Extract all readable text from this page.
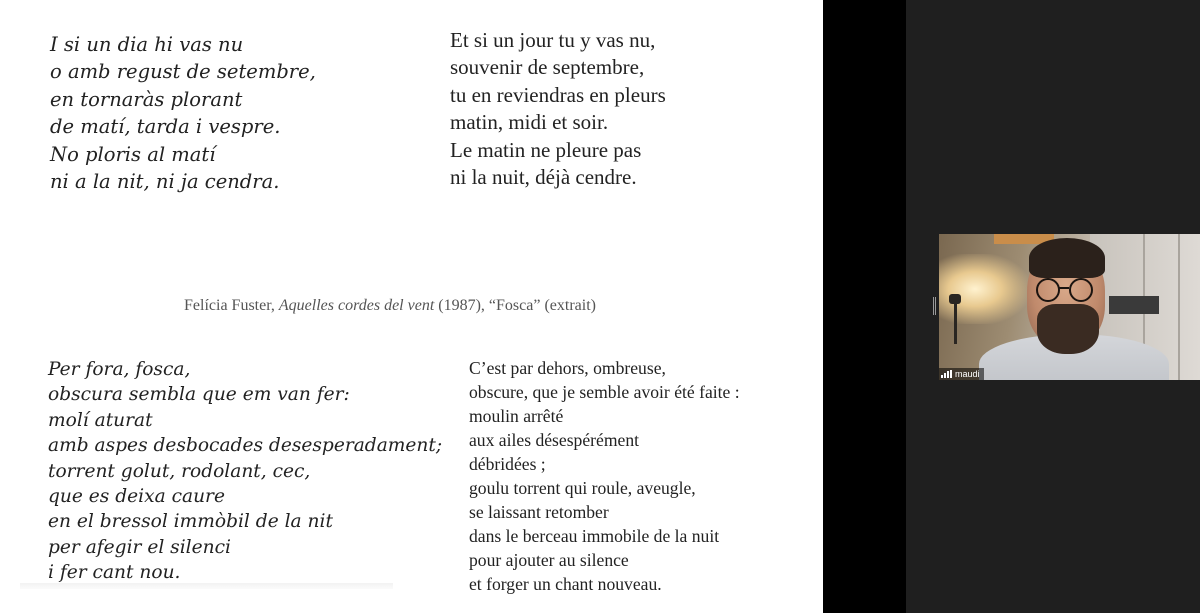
I si un dia hi vas nu
o amb regust de setembre,
en tornaràs plorant
de matí, tarda i vespre.
No ploris al matí
ni a la nit, ni ja cendra.
Et si un jour tu y vas nu,
souvenir de septembre,
tu en reviendras en pleurs
matin, midi et soir.
Le matin ne pleure pas
ni la nuit, déjà cendre.
Felícia Fuster, Aquelles cordes del vent (1987), “Fosca” (extrait)
Per fora, fosca,
obscura sembla que em van fer:
molí aturat
amb aspes desbocades desesperadament;
torrent golut, rodolant, cec,
que es deixa caure
en el bressol immòbil de la nit
per afegir el silenci
i fer cant nou.
C’est par dehors, ombreuse,
obscure, que je semble avoir été faite :
moulin arrêté
aux ailes désespérément
débridées ;
goulu torrent qui roule, aveugle,
se laissant retomber
dans le berceau immobile de la nuit
pour ajouter au silence
et forger un chant nouveau.
maudi
